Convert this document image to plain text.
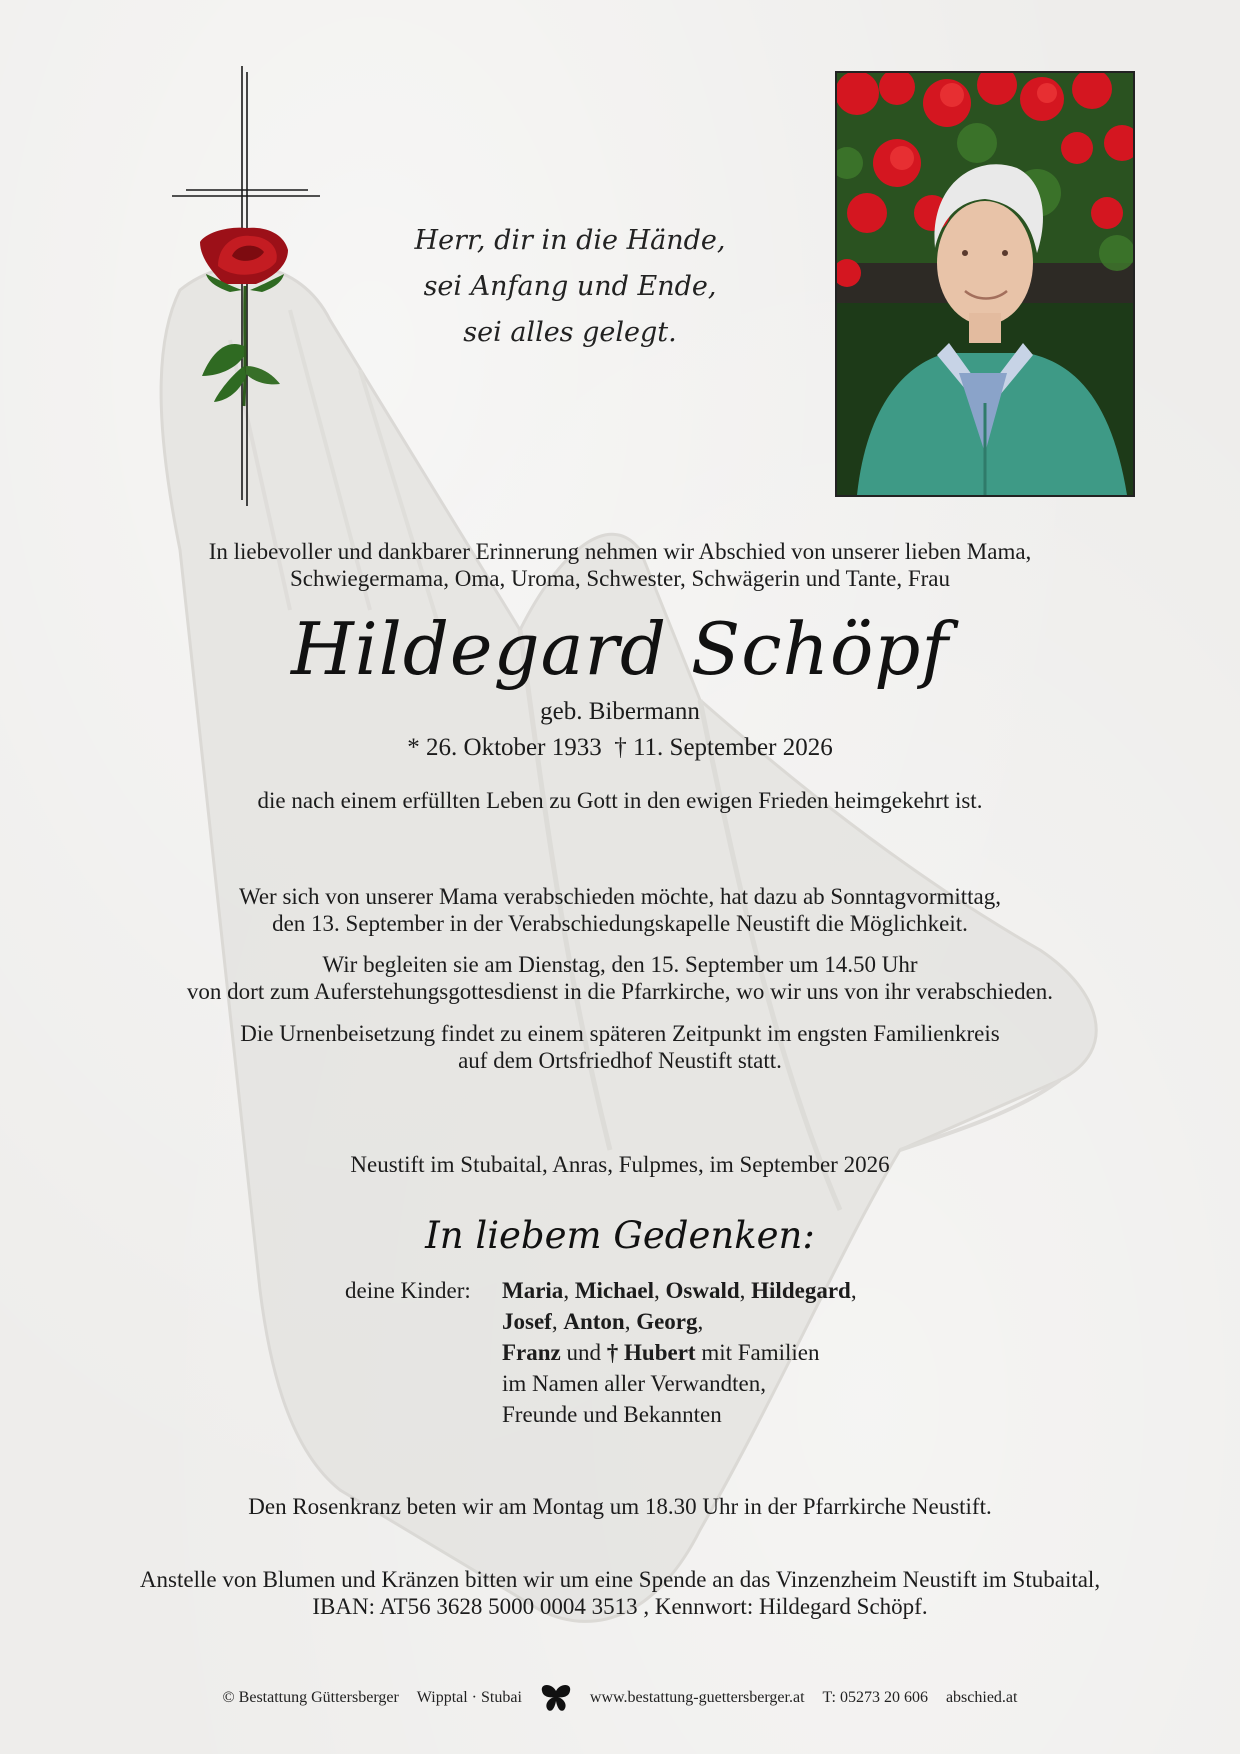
Herr, dir in die Hände,
sei Anfang und Ende,
sei alles gelegt.
In liebevoller und dankbarer Erinnerung nehmen wir Abschied von unserer lieben Mama,
Schwiegermama, Oma, Uroma, Schwester, Schwägerin und Tante, Frau
Hildegard Schöpf
geb. Bibermann
* 26. Oktober 1933  † 11. September 2026
die nach einem erfüllten Leben zu Gott in den ewigen Frieden heimgekehrt ist.
Wer sich von unserer Mama verabschieden möchte, hat dazu ab Sonntagvormittag,
den 13. September in der Verabschiedungskapelle Neustift die Möglichkeit.
Wir begleiten sie am Dienstag, den 15. September um 14.50 Uhr
von dort zum Auferstehungsgottesdienst in die Pfarrkirche, wo wir uns von ihr verabschieden.
Die Urnenbeisetzung findet zu einem späteren Zeitpunkt im engsten Familienkreis
auf dem Ortsfriedhof Neustift statt.
Neustift im Stubaital, Anras, Fulpmes, im September 2026
In liebem Gedenken:
deine Kinder: Maria, Michael, Oswald, Hildegard,
Josef, Anton, Georg,
Franz und † Hubert mit Familien
im Namen aller Verwandten,
Freunde und Bekannten
Den Rosenkranz beten wir am Montag um 18.30 Uhr in der Pfarrkirche Neustift.
Anstelle von Blumen und Kränzen bitten wir um eine Spende an das Vinzenzheim Neustift im Stubaital,
IBAN: AT56 3628 5000 0004 3513 , Kennwort: Hildegard Schöpf.
© Bestattung Güttersberger Wipptal · Stubai	www.bestattung-guettersberger.at T: 05273 20 606 abschied.at
